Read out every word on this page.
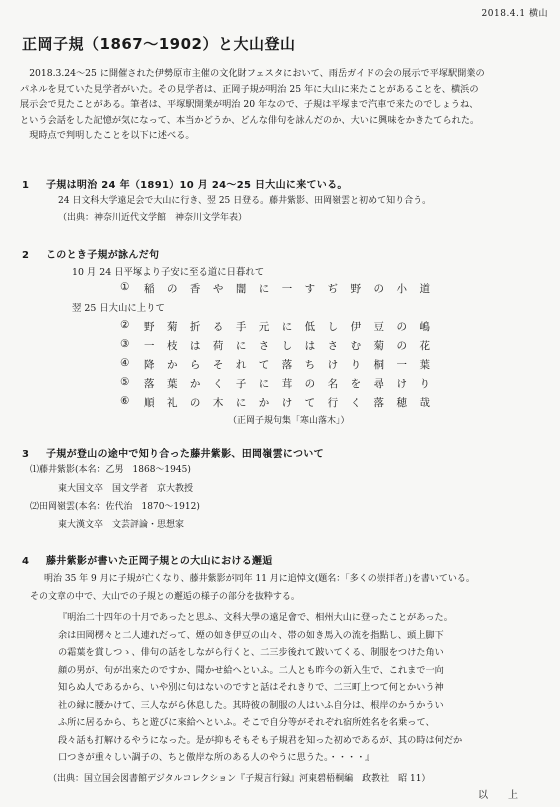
2018.4.1 横山
正岡子規（1867～1902）と大山登山

2018.3.24～25 に開催された伊勢原市主催の文化財フェスタにおいて、雨岳ガイドの会の展示で平塚駅開業の

パネルを見ていた見学者がいた。その見学者は、正岡子規が明治 25 年に大山に来たことがあることを、横浜の
展示会で見たことがある。筆者は、平塚駅開業が明治 20 年なので、子規は平塚まで汽車で来たのでしょうね、
という会話をした記憶が気になって、本当かどうか、どんな俳句を詠んだのか、大いに興味をかきたてられた。

現時点で判明したことを以下に述べる。

1 子規は明治 24 年（1891）10 月 24～25 日大山に来ている。
24 日文科大学遠足会で大山に行き、翌 25 日登る。藤井紫影、田岡嶺雲と初めて知り合う。
（出典：神奈川近代文学館　神奈川文学年表）
2 このとき子規が詠んだ句
10 月 24 日平塚より子安に至る道に日暮れて
①	稲 の 香 や 闇 に 一 す ぢ 野 の 小 道
翌 25 日大山に上りて
②	野 菊 折 る 手 元 に 低 し 伊 豆 の 嶋
③	一 枝 は 荷 に さ し は さ む 菊 の 花
④	降 か ら そ れ て 落 ち け り 桐 一 葉
⑤	落 葉 か く 子 に 茸 の 名 を 尋 け り
⑥	順 礼 の 木 に か け て 行 く 落 穂 哉
（正岡子規句集「寒山落木」）
3 子規が登山の途中で知り合った藤井紫影、田岡嶺雲について
⑴藤井紫影(本名：乙男　1868～1945)
東大国文卒　国文学者　京大教授
⑵田岡嶺雲(本名：佐代治　1870～1912)
東大漢文卒　文芸評論・思想家
4 藤井紫影が書いた正岡子規との大山における邂逅
明治 35 年 9 月に子規が亡くなり、藤井紫影が同年 11 月に追悼文(題名：「多くの崇拝者」)を書いている。
その文章の中で、大山での子規との邂逅の様子の部分を抜粋する。

『明治二十四年の十月であったと思ふ、文科大學の遠足會で、相州大山に登ったことがあった。

余は田岡楞々と二人連れだって、煙の如き伊豆の山々、帯の如き馬入の流を指點し、頭上脚下

の霜葉を賞しつゝ、俳句の話をしながら行くと、二三步後れて跛いてくる、制服をつけた角い

顔の男が、句が出來たのですか、聞かせ給へといふ。二人とも昨今の新入生で、これまで一向

知らぬ人であるから、いや別に句はないのですと話はそれきりで、二三町上つて何とかいう神

社の縁に腰かけて、三人ながら休息した。其時彼の制服の人はいふ自分は、根岸のかうかうい

ふ所に居るから、ちと遊びに來給へといふ。そこで自分等がそれぞれ宿所姓名を名乗って、

段々話も打解けるやうになった。是が抑もそもそも子規君を知った初めであるが、其の時は何だか

口つきが重々しい調子の、ちと傲岸な所のある人のやうに思うた。・・・・』

（出典：国立国会図書館デジタルコレクション『子規言行録』河東碧梧桐編　政教社　昭 11）
以上
